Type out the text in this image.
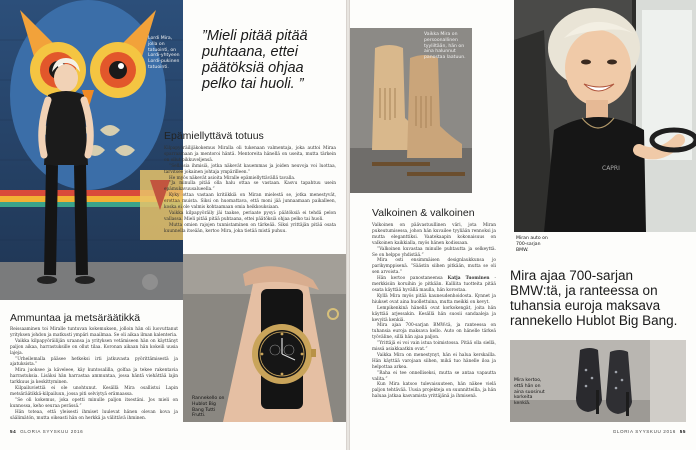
Lordi Mira, jolla on tatuointi, on Lordi-yhtyeen Lordi-pukinen tatuointi.
”Mieli pitää pitää puhtaana, ettei päätöksiä ohjaa pelko tai huoli. ”
Epämiellyttävä totuus

Kilpapyöräilijäkokemus Miralla oli tukenaan valmentaja, joka auttoi Miraa sparraamaan ja mentoroi häntä. Mentoreita hänellä on useita, mutta tärkein on ollut pikkuveljensä.

”Sellaisia ihmisiä, jotka näkevät kauemmas ja joiden neuvoja voi luottaa, tarvitsee jokainen johtaja ympärilleen.”

He myös näkevät asioita Miralle epämiellyttävällä tavalla.

”Ja minulla pitää olla halu ottaa se vastaan. Kasvu tapahtuu usein epämukavuusalueella.”

Kyky ottaa vastaan kritiikkiä on Miran mielestä se, jotka menestyvät, erottaa muista. Siksi on huomattava, että moni jää junnaamaan paikalleen, koska ei ole valmis kohtaamaan omia heikkouksiaan.

Vaikka kilpapyöräily jäi taakse, periaate pysyi: päätöksiä ei tehdä pelon vallassa. Mieli pitää pitää puhtaana, ettei päätöksiä ohjaa pelko tai huoli.

Mutta omien rajojen tunnistaminen on tärkeää. Siksi yrittäjän pitää osata kuunnella itseään, kertoo Mira, joka tietää mistä puhuu.

Ammuntaa ja metsäräätikkä

Reissaaminen toi Miralle tuntuvan kokemuksen, jolloin hän oli luovuttanut yrityksen johdon ja matkusti ympäri maailmaa. Se oli aikaa ilman kalenteria.

Vaikka kilpapyöräilijän uraansa ja yrityksen vetämiseen hän on käyttänyt paljon aikaa, harrastuksille on ollut tilaa. Koronan aikaan hän kokeili uusia lajeja.

”Urheilemalla pääsee hetkeksi irti jatkuvasta pyörittämisestä ja ajatuksista.”

Mira juoksee ja käveleee, käy kuntosalilla, golfaa ja tekee rakentavia harrastuksia. Lisäksi hän harrastaa ammuntaa, jossa häntä viehättää lajin tarkkuus ja keskittyminen.

Kilpailuviettiä ei ole unohtunut. Kesällä Mira osallistui Lapin metsäräätikkä-kilpailuun, jossa piti selviytyä erämaassa.

”Se oli kokemus, joka opetti minulle paljon itsestäni. Jos mieli on kunnossa, keho seuraa perässä.”

Hän toteaa, että yleisesti ihmiset luulevat hänen olevan kova ja säälimätön, mutta oikeasti hän on herkkä ja välittävä ihminen.

Rannekello on Hublot Big Bang Tutti Frutti.
54 GLORIA SYYSKUU 2016
Vaikka Mira on persoonallinen tyyliltään, hän on aina halunnut panostaa laatuun.
CAPRI
Miran auto on 700-sarjan BMW.
Valkoinen & valkoinen

Valkoinen on päävastuullinen väri, jota Miran pukeutumisessa, johon hän kuvailee tyyliään rennoksi ja mutta eleganttiksi. Vaatekaapin kokonaisuus on valkoinen kaikkialla, myös hänen kodissaan.

”Valkoinen kuvastaa minulle puhtautta ja selkeyttä. Se on helppo yhdistää.”

Mira osti ensimmäisen designlaukkunsa jo parikymppisenä. ”Säästin siihen pitkään, mutta se oli sen arvoista.”

Hän kertoo panostaneensa Katja Tuominen -merkkisiin koruihin jo pitkään. Kalliita tuotteita pitää osata käyttää hyvällä maulla, hän korostaa.

Kyllä Mira myös pitää kauneudenhoidosta. Kynnet ja hiukset ovat aina huollettuina, mutta meikki on kevyt.

Lempikenkinä hänellä ovat korkokengät, joita hän käyttää arjessakin. Kesällä hän suosii sandaaleja ja kevyitä kenkiä.

Mira ajaa 700-sarjan BMW:tä, ja ranteessa on tuhansia euroja maksava kello. Auto on hänelle tärkeä työväline, sillä hän ajaa paljon.

”Yrittäjä ei voi vain istua toimistossa. Pitää olla siellä, missä asiakkaatkin ovat.”

Vaikka Mira on menestynyt, hän ei halua kerskailla. Hän käyttää varojaan siihen, mikä tuo hänelle iloa ja helpottaa arkea.

”Raha ei tee onnelliseksi, mutta se antaa vapautta valita.”

Kun Mira katsoo tulevaisuuteen, hän näkee vielä paljon tehtävää. Uusia projekteja on suunnitteilla, ja hän haluaa jatkaa kasvamista yrittäjänä ja ihmisenä.

Mira ajaa 700-sarjan BMW:tä, ja ranteessa on tuhansia euroja maksava rannekello Hublot Big Bang.
Mira kertoo, että hän on aina suosinut korkeita kenkiä.
GLORIA SYYSKUU 2016 55
